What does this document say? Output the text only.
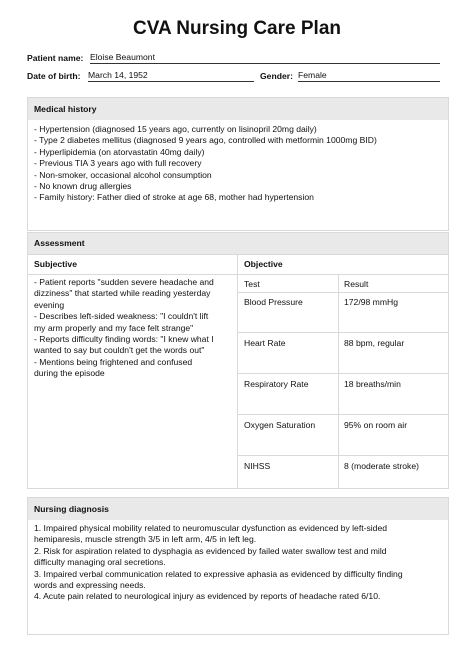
CVA Nursing Care Plan
Patient name: Eloise Beaumont
Date of birth: March 14, 1952	Gender: Female
Medical history
- Hypertension (diagnosed 15 years ago, currently on lisinopril 20mg daily)
- Type 2 diabetes mellitus (diagnosed 9 years ago, controlled with metformin 1000mg BID)
- Hyperlipidemia (on atorvastatin 40mg daily)
- Previous TIA 3 years ago with full recovery
- Non-smoker, occasional alcohol consumption
- No known drug allergies
- Family history: Father died of stroke at age 68, mother had hypertension
Assessment
Subjective
- Patient reports "sudden severe headache and
dizziness" that started while reading yesterday
evening
- Describes left-sided weakness: "I couldn't lift
my arm properly and my face felt strange"
- Reports difficulty finding words: "I knew what I
wanted to say but couldn't get the words out"
- Mentions being frightened and confused
during the episode
Objective
Test	Result
Blood Pressure	172/98 mmHg
Heart Rate	88 bpm, regular
Respiratory Rate	18 breaths/min
Oxygen Saturation	95% on room air
NIHSS	8 (moderate stroke)
Nursing diagnosis
1. Impaired physical mobility related to neuromuscular dysfunction as evidenced by left-sided
hemiparesis, muscle strength 3/5 in left arm, 4/5 in left leg.
2. Risk for aspiration related to dysphagia as evidenced by failed water swallow test and mild
difficulty managing oral secretions.
3. Impaired verbal communication related to expressive aphasia as evidenced by difficulty finding
words and expressing needs.
4. Acute pain related to neurological injury as evidenced by reports of headache rated 6/10.
